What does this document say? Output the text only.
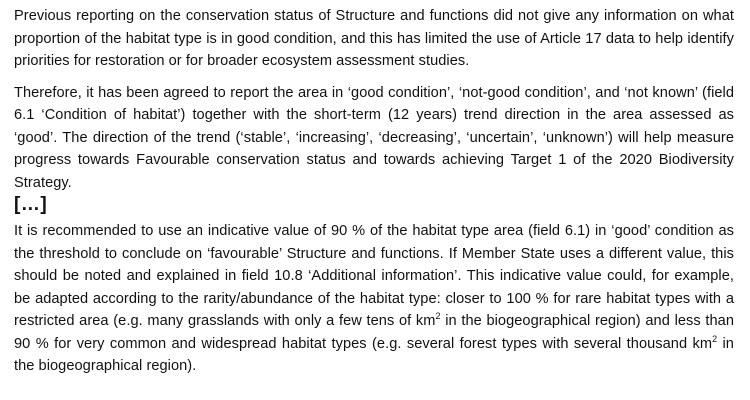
Previous reporting on the conservation status of Structure and functions did not give any information on what proportion of the habitat type is in good condition, and this has limited the use of Article 17 data to help identify priorities for restoration or for broader ecosystem assessment studies.

Therefore, it has been agreed to report the area in ‘good condition’, ‘not-good condition’, and ‘not known’ (field 6.1 ‘Condition of habitat’) together with the short-term (12 years) trend direction in the area assessed as ‘good’. The direction of the trend (‘stable’, ‘increasing’, ‘decreasing’, ‘uncertain’, ‘unknown’) will help measure progress towards Favourable conservation status and towards achieving Target 1 of the 2020 Biodiversity Strategy.

[…]

It is recommended to use an indicative value of 90 % of the habitat type area (field 6.1) in ‘good’ condition as the threshold to conclude on ‘favourable’ Structure and functions. If Member State uses a different value, this should be noted and explained in field 10.8 ‘Additional information’. This indicative value could, for example, be adapted according to the rarity/abundance of the habitat type: closer to 100 % for rare habitat types with a restricted area (e.g. many grasslands with only a few tens of $km^2$ in the biogeographical region) and less than 90 % for very common and widespread habitat types (e.g. several forest types with several thousand $km^2$ in the biogeographical region).
